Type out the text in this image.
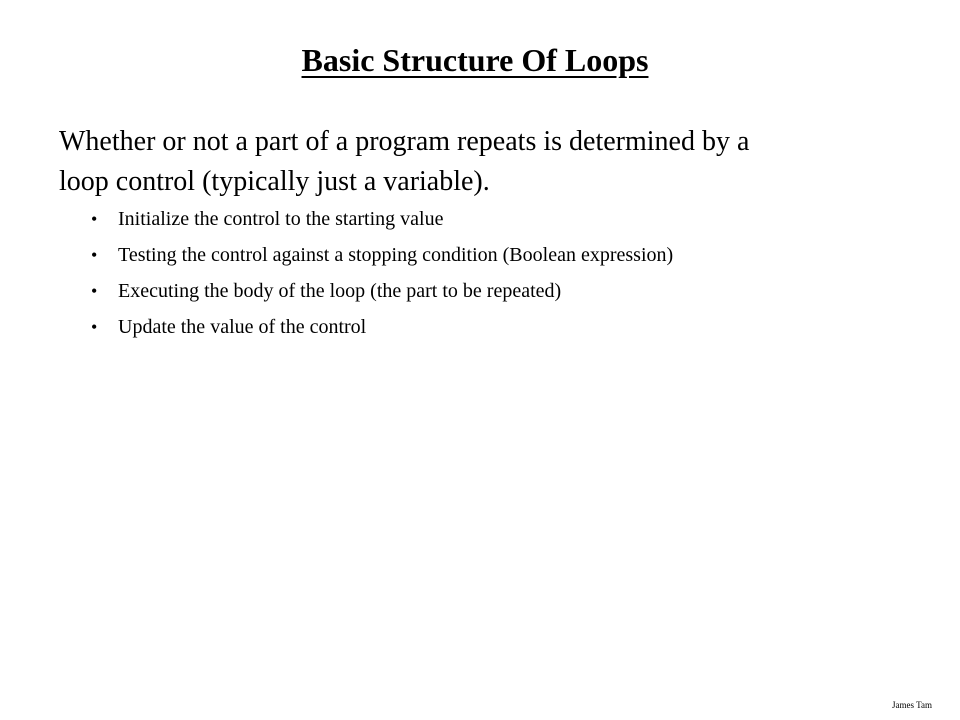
Basic Structure Of Loops
Whether or not a part of a program repeats is determined by a
loop control (typically just a variable).
•	Initialize the control to the starting value
•	Testing the control against a stopping condition (Boolean expression)
•	Executing the body of the loop (the part to be repeated)
•	Update the value of the control
James Tam
